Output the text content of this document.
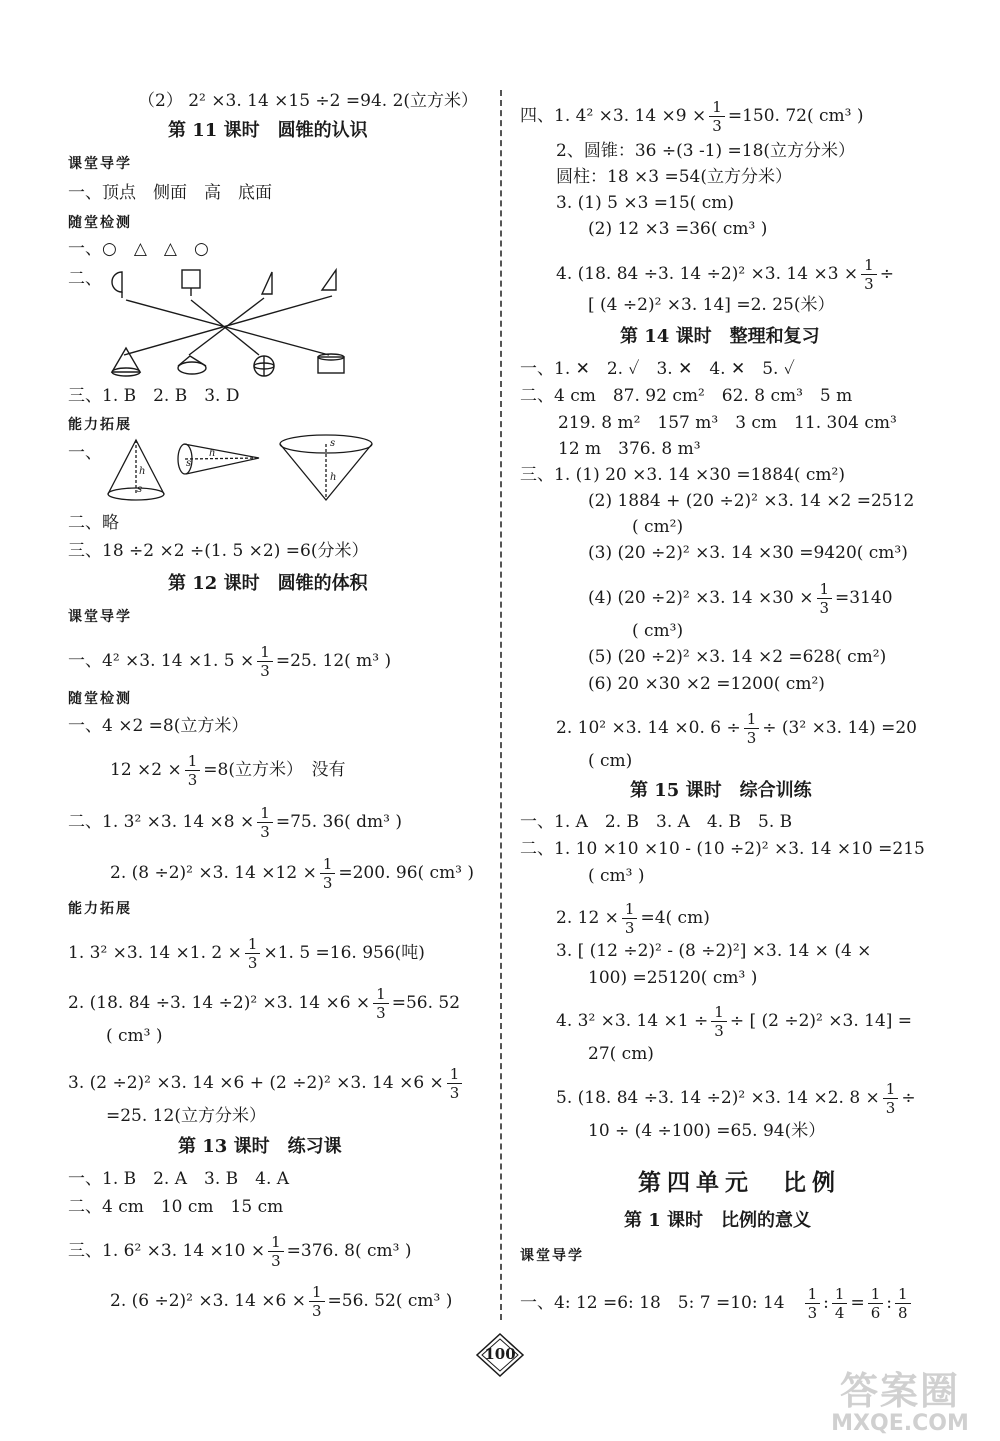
（2） 2² ×3. 14 ×15 ÷2 =94. 2(立方米）
第 11 课时　圆锥的认识
课堂导学
一、顶点　侧面　高　底面
随堂检测
一、○　△　△　○
二、
三、1. B　2. B　3. D
能力拓展
一、
h
s
h
s
s
h
二、略
三、18 ÷2 ×2 ÷(1. 5 ×2) =6(分米）
第 12 课时　圆锥的体积
课堂导学
一、4² ×3. 14 ×1. $5 \times \frac{1}{3} =25$. 12( m³ )
随堂检测
一、4 ×2 =8(立方米）
$12 \times 2 \times \frac{1}{3} =8$(立方米）　没有
二、1. 3² ×3. $14 \times 8 \times \frac{1}{3} =75$. 36( dm³ )
2. (8 ÷2)² ×3. $14 \times 12 \times \frac{1}{3} =200$. 96( cm³ )
能力拓展
1. 3² ×3. 14 ×1. $2 \times \frac{1}{3} \times 1$. 5 =16. 956(吨)
2. (18. 84 ÷3. 14 ÷2)² ×3. $14 \times 6 \times \frac{1}{3} =56$. 52
( cm³ )
3. (2 ÷2)² ×3. 14 ×6 + (2 ÷2)² ×3. $14 \times 6 \times \frac{1}{3}$
=25. 12(立方分米）
第 13 课时　练习课
一、1. B　2. A　3. B　4. A
二、4 cm　10 cm　15 cm
三、1. 6² ×3. $14 \times 10 \times \frac{1}{3} =376$. 8( cm³ )
2. (6 ÷2)² ×3. $14 \times 6 \times \frac{1}{3} =56$. 52( cm³ )
四、1. 4² ×3. $14 \times 9 \times \frac{1}{3} =150$. 72( cm³ )
2、圆锥：36 ÷(3 -1) =18(立方分米）
圆柱：18 ×3 =54(立方分米）
3. (1) 5 ×3 =15( cm)
(2) 12 ×3 =36( cm³ )
4. (18. 84 ÷3. 14 ÷2)² ×3. $14 \times 3 \times \frac{1}{3}$ ÷
[ (4 ÷2)² ×3. 14] =2. 25(米）
第 14 课时　整理和复习
一、1. ✕　2. ✓　3. ✕　4. ✕　5. ✓
二、4 cm　87. 92 cm²　62. 8 cm³　5 m
219. 8 m²　157 m³　3 cm　11. 304 cm³
12 m　376. 8 m³
三、1. (1) 20 ×3. 14 ×30 =1884( cm²)
(2) 1884 + (20 ÷2)² ×3. 14 ×2 =2512
( cm²)
(3) (20 ÷2)² ×3. 14 ×30 =9420( cm³)
(4) (20 ÷2)² ×3. $14 \times 30 \times \frac{1}{3} =3140$
( cm³)
(5) (20 ÷2)² ×3. 14 ×2 =628( cm²)
(6) 20 ×30 ×2 =1200( cm²)
2. 10² ×3. 14 ×0. $6 \div \frac{1}{3} \div (3^2 \times 3$. 14) =20
( cm)
第 15 课时　综合训练
一、1. A　2. B　3. A　4. B　5. B
二、1. 10 ×10 ×10 - (10 ÷2)² ×3. 14 ×10 =215
( cm³ )
2. $12 \times \frac{1}{3} =4$( cm)
3. [ (12 ÷2)² - (8 ÷2)²] ×3. 14 × (4 ×
100) =25120( cm³ )
4. 3² ×3. $14 \times 1 \div \frac{1}{3}$ ÷ [ (2 ÷2)² ×3. 14] =
27( cm)
5. (18. 84 ÷3. 14 ÷2)² ×3. 14 ×2. $8 \times \frac{1}{3}$ ÷
10 ÷ (4 ÷100) =65. 94(米）
第四单元　比例
第 1 课时　比例的意义
课堂导学
一、4: 12 =6: 18　5: 7 =10: 14　 $\frac{1}{3}$ : $\frac{1}{4} = \frac{1}{6}$ : $\frac{1}{8}$
100
答案圈
MXQE.COM
